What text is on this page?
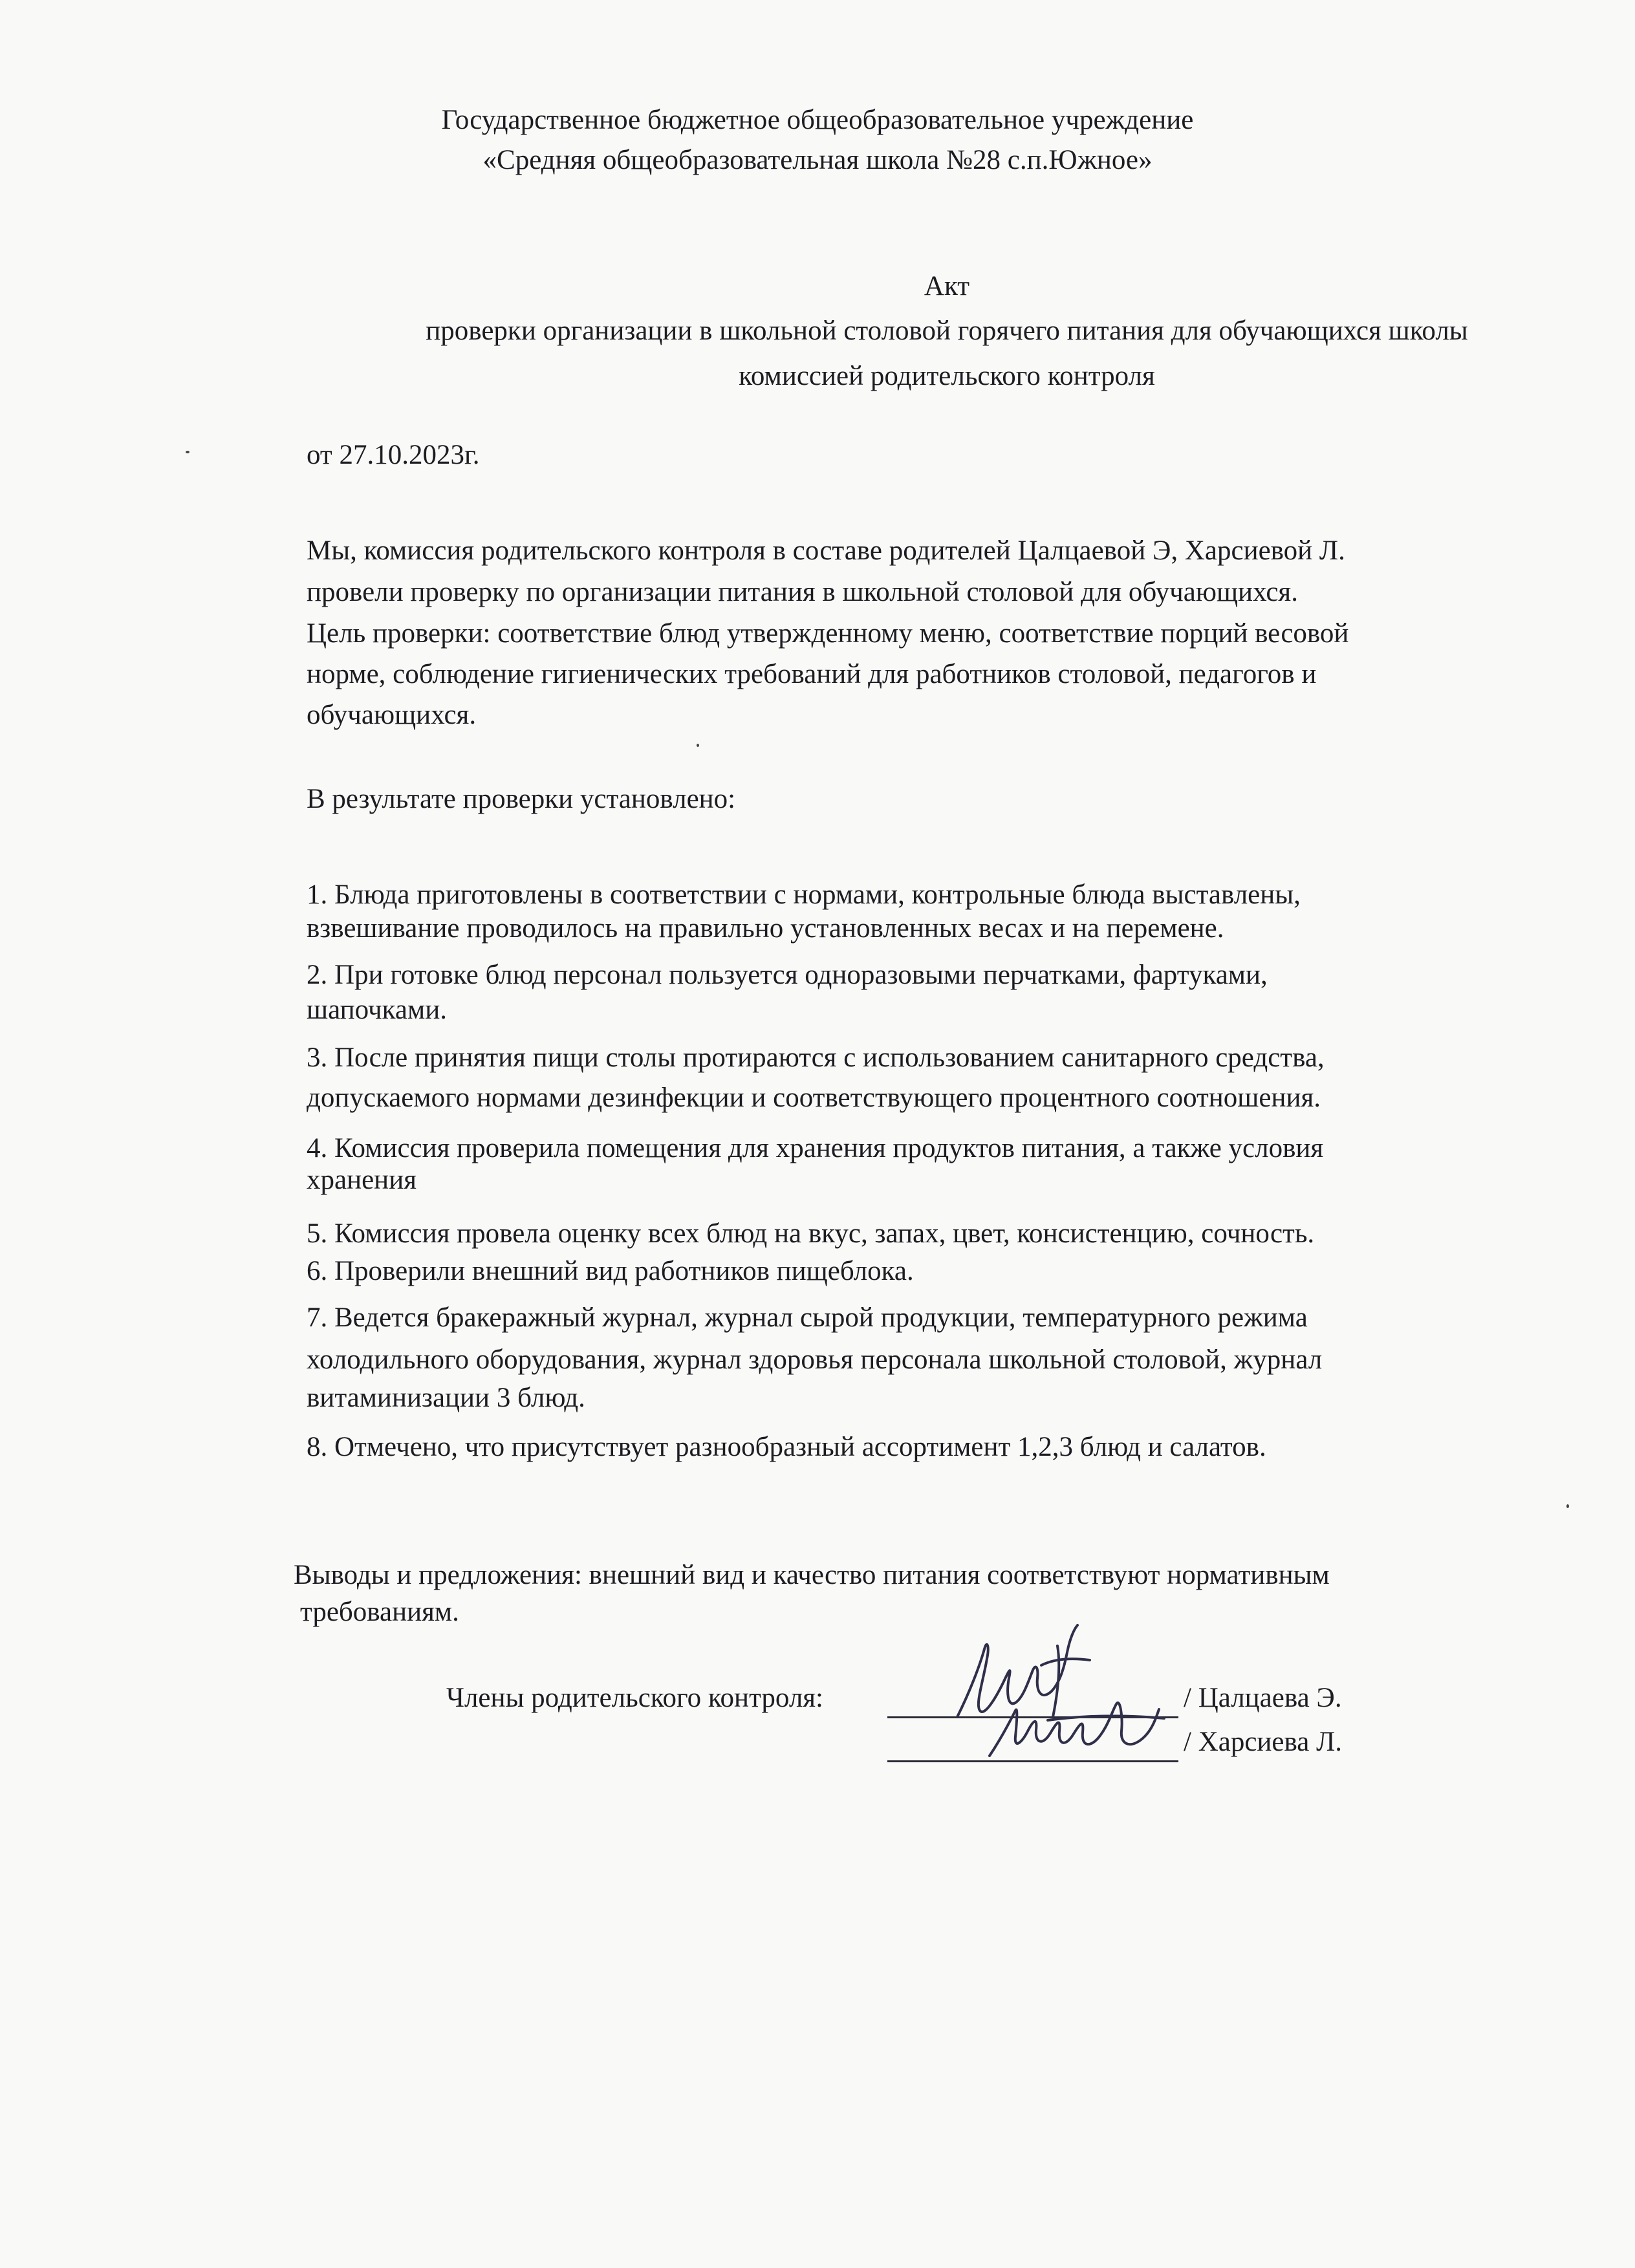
Государственное бюджетное общеобразовательное учреждение
«Средняя общеобразовательная школа №28 с.п.Южное»
Акт
проверки организации в школьной столовой горячего питания для обучающихся школы
комиссией родительского контроля
от 27.10.2023г.
Мы, комиссия родительского контроля в составе родителей Цалцаевой Э, Харсиевой Л.
провели проверку по организации питания в школьной столовой для обучающихся.
Цель проверки: соответствие блюд утвержденному меню, соответствие порций весовой
норме, соблюдение гигиенических требований для работников столовой, педагогов и
обучающихся.
В результате проверки установлено:
1. Блюда приготовлены в соответствии с нормами, контрольные блюда выставлены,
взвешивание проводилось на правильно установленных весах и на перемене.
2. При готовке блюд персонал пользуется одноразовыми перчатками, фартуками,
шапочками.
3. После принятия пищи столы протираются с использованием санитарного средства,
допускаемого нормами дезинфекции и соответствующего процентного соотношения.
4. Комиссия проверила помещения для хранения продуктов питания, а также условия
хранения
5. Комиссия провела оценку всех блюд на вкус, запах, цвет, консистенцию, сочность.
6. Проверили внешний вид работников пищеблока.
7. Ведется бракеражный журнал, журнал сырой продукции, температурного режима
холодильного оборудования, журнал здоровья персонала школьной столовой, журнал
витаминизации 3 блюд.
8. Отмечено, что присутствует разнообразный ассортимент 1,2,3 блюд и салатов.
Выводы и предложения: внешний вид и качество питания соответствуют нормативным
требованиям.
Члены родительского контроля:	/ Цалцаева Э.
/ Харсиева Л.
